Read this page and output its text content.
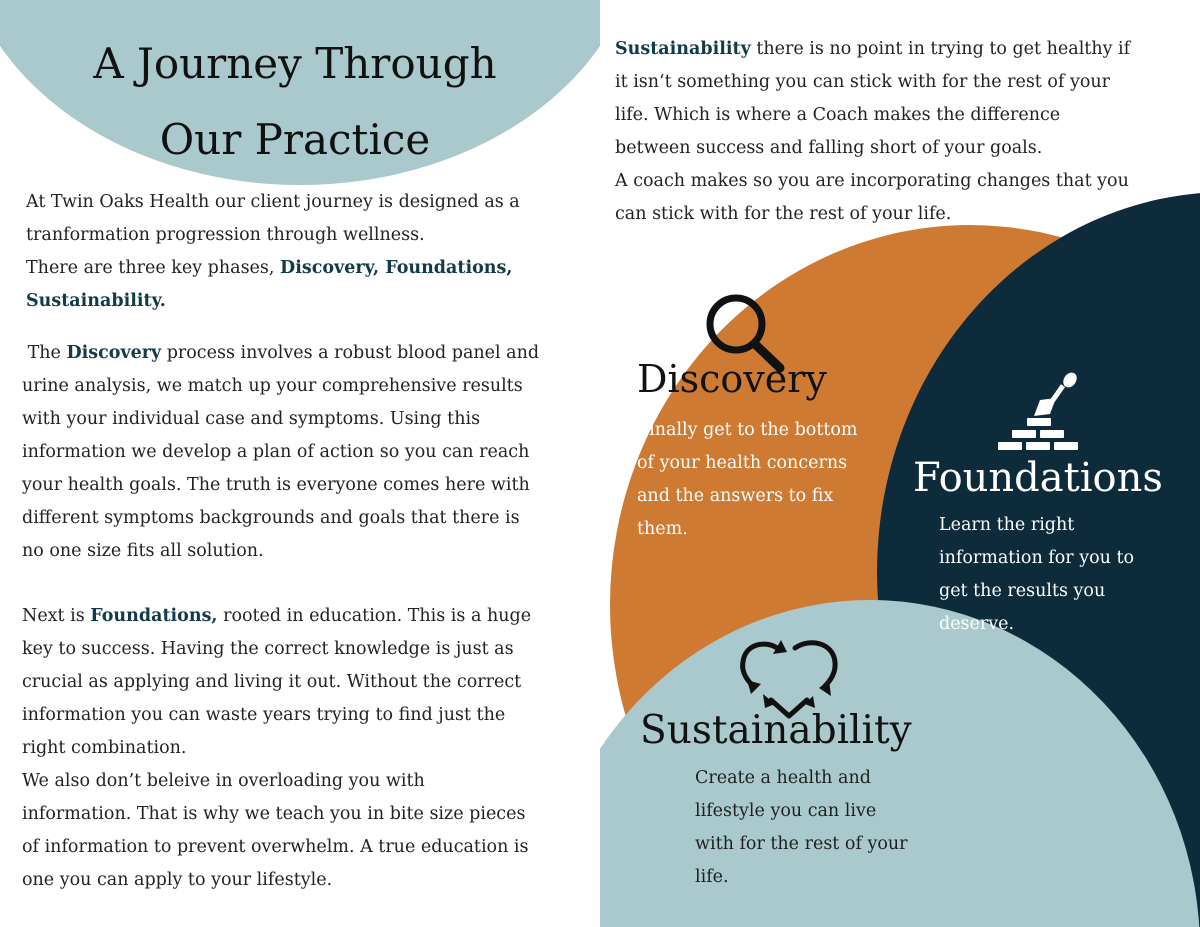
A Journey Through
Our Practice

At Twin Oaks Health our client journey is designed as a
tranformation progression through wellness.
There are three key phases, Discovery, Foundations,
Sustainability.

The Discovery process involves a robust blood panel and
urine analysis, we match up your comprehensive results
with your individual case and symptoms. Using this
information we develop a plan of action so you can reach
your health goals. The truth is everyone comes here with
different symptoms backgrounds and goals that there is
no one size fits all solution.

Next is Foundations, rooted in education. This is a huge
key to success. Having the correct knowledge is just as
crucial as applying and living it out. Without the correct
information you can waste years trying to find just the
right combination.
We also don’t beleive in overloading you with
information. That is why we teach you in bite size pieces
of information to prevent overwhelm. A true education is
one you can apply to your lifestyle.

Sustainability there is no point in trying to get healthy if
it isn‘t something you can stick with for the rest of your
life. Which is where a Coach makes the difference
between success and falling short of your goals.
A coach makes so you are incorporating changes that you
can stick with for the rest of your life.

Discovery

Finally get to the bottom
of your health concerns
and the answers to fix
them.

Foundations

Learn the right
information for you to
get the results you
deserve.

Sustainability

Create a health and
lifestyle you can live
with for the rest of your
life.
